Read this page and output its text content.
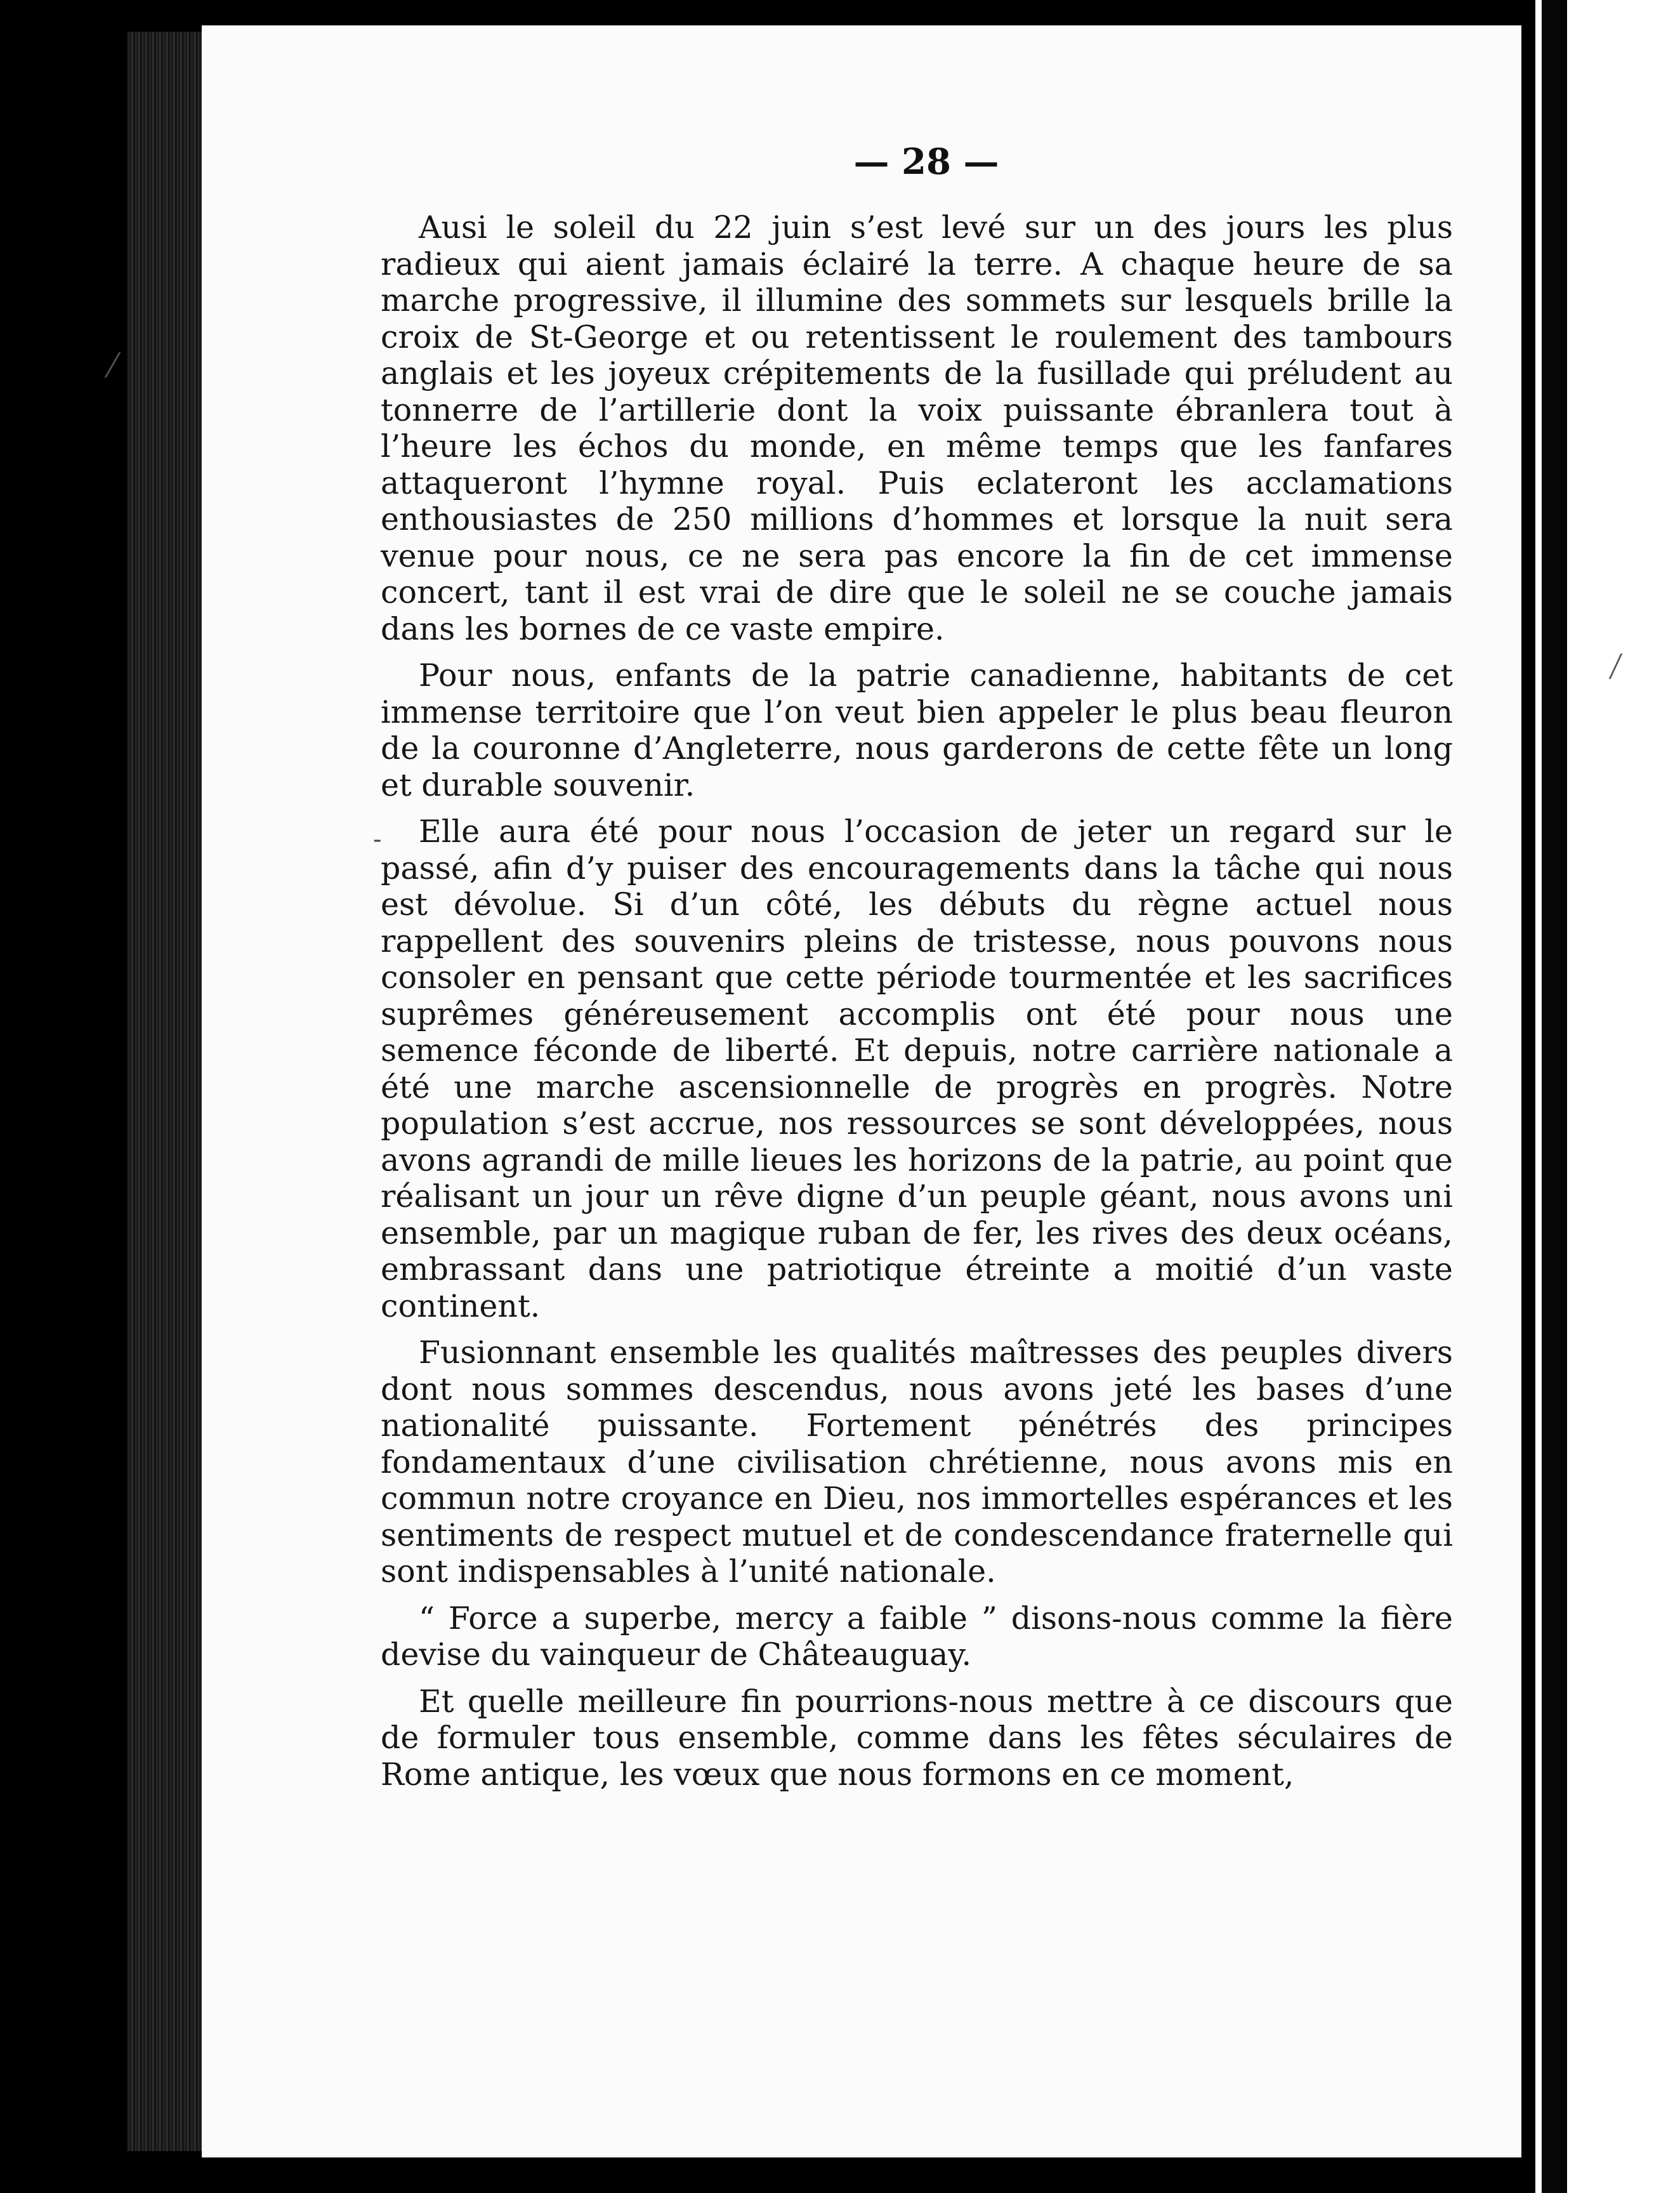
— 28 —
-

Ausi le soleil du 22 juin s’est levé sur un des jours les plus radieux qui aient jamais éclairé la terre. A chaque heure de sa marche progressive, il illumine des sommets sur lesquels brille la croix de St-George et ou retentissent le roulement des tambours anglais et les joyeux crépitements de la fusillade qui préludent au tonnerre de l’artillerie dont la voix puissante ébranlera tout à l’heure les échos du monde, en même temps que les fanfares attaqueront l’hymne royal. Puis eclateront les acclamations enthousiastes de 250 millions d’hommes et lorsque la nuit sera venue pour nous, ce ne sera pas encore la fin de cet immense concert, tant il est vrai de dire que le soleil ne se couche jamais dans les bornes de ce vaste empire.

Pour nous, enfants de la patrie canadienne, habitants de cet immense territoire que l’on veut bien appeler le plus beau fleuron de la couronne d’Angleterre, nous garderons de cette fête un long et durable souvenir.

Elle aura été pour nous l’occasion de jeter un regard sur le passé, afin d’y puiser des encouragements dans la tâche qui nous est dévolue. Si d’un côté, les débuts du règne actuel nous rappellent des souvenirs pleins de tristesse, nous pouvons nous consoler en pensant que cette période tourmentée et les sacrifices suprêmes généreusement accomplis ont été pour nous une semence féconde de liberté. Et depuis, notre carrière nationale a été une marche ascensionnelle de progrès en progrès. Notre population s’est accrue, nos ressources se sont développées, nous avons agrandi de mille lieues les horizons de la patrie, au point que réalisant un jour un rêve digne d’un peuple géant, nous avons uni ensemble, par un magique ruban de fer, les rives des deux océans, embrassant dans une patriotique étreinte a moitié d’un vaste continent.

Fusionnant ensemble les qualités maîtresses des peuples divers dont nous sommes descendus, nous avons jeté les bases d’une nationalité puissante. Fortement pénétrés des principes fondamentaux d’une civilisation chrétienne, nous avons mis en commun notre croyance en Dieu, nos immortelles espérances et les sentiments de respect mutuel et de condescendance fraternelle qui sont indispensables à l’unité nationale.

“ Force a superbe, mercy a faible ” disons-nous comme la fière devise du vainqueur de Châteauguay.

Et quelle meilleure fin pourrions-nous mettre à ce discours que de formuler tous ensemble, comme dans les fêtes séculaires de Rome antique, les vœux que nous formons en ce moment,
